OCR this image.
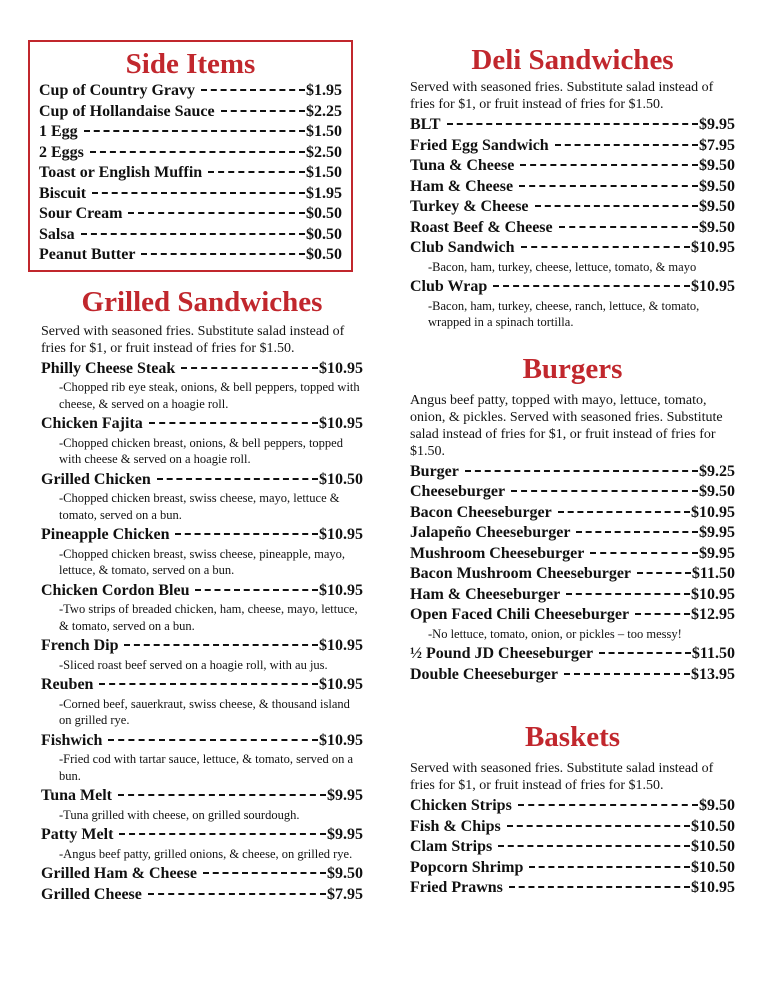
Side Items
Cup of Country Gravy	$1.95
Cup of Hollandaise Sauce	$2.25
1 Egg	$1.50
2 Eggs	$2.50
Toast or English Muffin	$1.50
Biscuit	$1.95
Sour Cream	$0.50
Salsa	$0.50
Peanut Butter	$0.50
Grilled Sandwiches

Served with seasoned fries. Substitute salad instead of fries for $1, or fruit instead of fries for $1.50.

Philly Cheese Steak	$10.95
-Chopped rib eye steak, onions, & bell peppers, topped with cheese, & served on a hoagie roll.
Chicken Fajita	$10.95
-Chopped chicken breast, onions, & bell peppers, topped with cheese & served on a hoagie roll.
Grilled Chicken	$10.50
-Chopped chicken breast, swiss cheese, mayo, lettuce & tomato, served on a bun.
Pineapple Chicken	$10.95
-Chopped chicken breast, swiss cheese, pineapple, mayo, lettuce, & tomato, served on a bun.
Chicken Cordon Bleu	$10.95
-Two strips of breaded chicken, ham, cheese, mayo, lettuce, & tomato, served on a bun.
French Dip	$10.95
-Sliced roast beef served on a hoagie roll, with au jus.
Reuben	$10.95
-Corned beef, sauerkraut, swiss cheese, & thousand island on grilled rye.
Fishwich	$10.95
-Fried cod with tartar sauce, lettuce, & tomato, served on a bun.
Tuna Melt	$9.95
-Tuna grilled with cheese, on grilled sourdough.
Patty Melt	$9.95
-Angus beef patty, grilled onions, & cheese, on grilled rye.
Grilled Ham & Cheese	$9.50
Grilled Cheese	$7.95
Deli Sandwiches

Served with seasoned fries. Substitute salad instead of fries for $1, or fruit instead of fries for $1.50.

BLT	$9.95
Fried Egg Sandwich	$7.95
Tuna & Cheese	$9.50
Ham & Cheese	$9.50
Turkey & Cheese	$9.50
Roast Beef & Cheese	$9.50
Club Sandwich	$10.95
-Bacon, ham, turkey, cheese, lettuce, tomato, & mayo
Club Wrap	$10.95
-Bacon, ham, turkey, cheese, ranch, lettuce, & tomato, wrapped in a spinach tortilla.
Burgers

Angus beef patty, topped with mayo, lettuce, tomato, onion, & pickles. Served with seasoned fries. Substitute salad instead of fries for $1, or fruit instead of fries for $1.50.

Burger	$9.25
Cheeseburger	$9.50
Bacon Cheeseburger	$10.95
Jalapeño Cheeseburger	$9.95
Mushroom Cheeseburger	$9.95
Bacon Mushroom Cheeseburger	$11.50
Ham & Cheeseburger	$10.95
Open Faced Chili Cheeseburger	$12.95
-No lettuce, tomato, onion, or pickles – too messy!
½ Pound JD Cheeseburger	$11.50
Double Cheeseburger	$13.95
Baskets

Served with seasoned fries. Substitute salad instead of fries for $1, or fruit instead of fries for $1.50.

Chicken Strips	$9.50
Fish & Chips	$10.50
Clam Strips	$10.50
Popcorn Shrimp	$10.50
Fried Prawns	$10.95
